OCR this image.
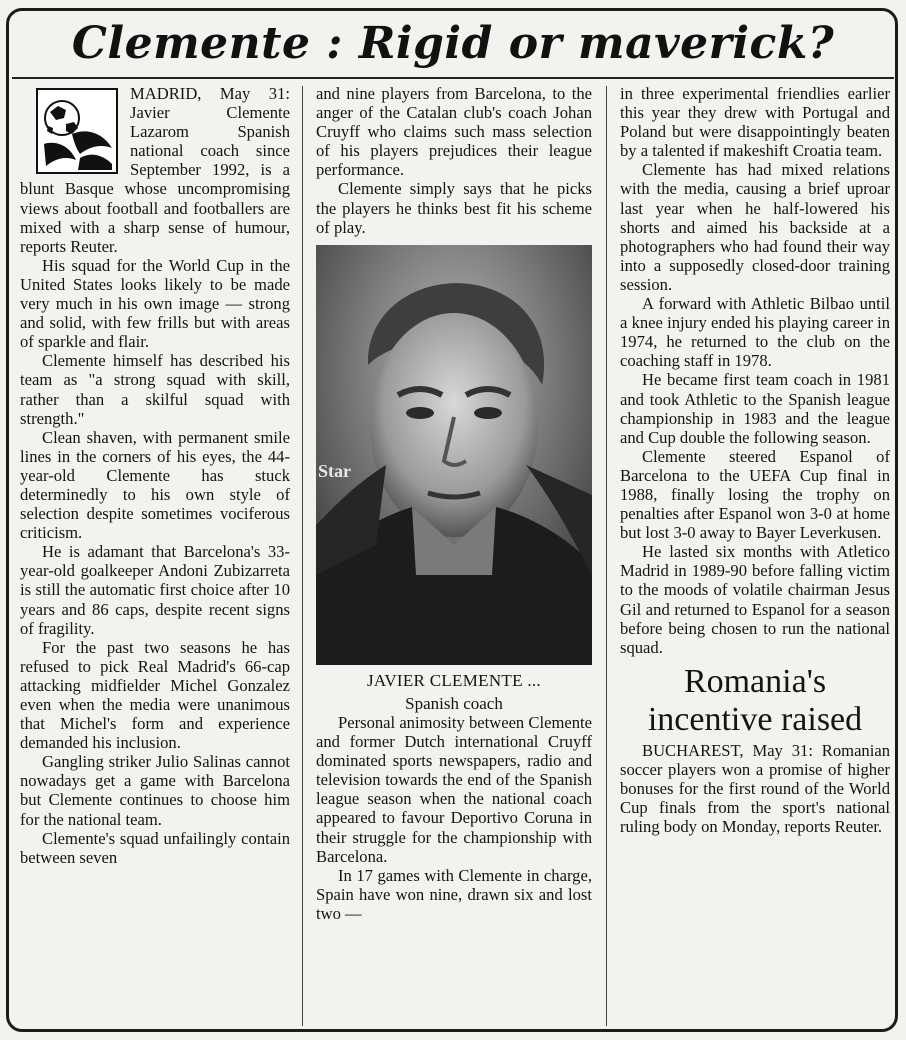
Clemente : Rigid or maverick?

MADRID, May 31: Javier Clemente Lazarom Spanish national coach since September 1992, is a blunt Basque whose uncompromising views about football and footballers are mixed with a sharp sense of humour, reports Reuter.

His squad for the World Cup in the United States looks likely to be made very much in his own image — strong and solid, with few frills but with areas of sparkle and flair.

Clemente himself has described his team as "a strong squad with skill, rather than a skilful squad with strength."

Clean shaven, with permanent smile lines in the corners of his eyes, the 44-year-old Clemente has stuck determinedly to his own style of selection despite sometimes vociferous criticism.

He is adamant that Barcelona's 33-year-old goalkeeper Andoni Zubizarreta is still the automatic first choice after 10 years and 86 caps, despite recent signs of fragility.

For the past two seasons he has refused to pick Real Madrid's 66-cap attacking midfielder Michel Gonzalez even when the media were unanimous that Michel's form and experience demanded his inclusion.

Gangling striker Julio Salinas cannot nowadays get a game with Barcelona but Clemente continues to choose him for the national team.

Clemente's squad unfailingly contain between seven

and nine players from Barcelona, to the anger of the Catalan club's coach Johan Cruyff who claims such mass selection of his players prejudices their league performance.

Clemente simply says that he picks the players he thinks best fit his scheme of play.

Star
JAVIER CLEMENTE ...
Spanish coach

Personal animosity between Clemente and former Dutch international Cruyff dominated sports newspapers, radio and television towards the end of the Spanish league season when the national coach appeared to favour Deportivo Coruna in their struggle for the championship with Barcelona.

In 17 games with Clemente in charge, Spain have won nine, drawn six and lost two —

in three experimental friendlies earlier this year they drew with Portugal and Poland but were disappointingly beaten by a talented if makeshift Croatia team.

Clemente has had mixed relations with the media, causing a brief uproar last year when he half-lowered his shorts and aimed his backside at a photographers who had found their way into a supposedly closed-door training session.

A forward with Athletic Bilbao until a knee injury ended his playing career in 1974, he returned to the club on the coaching staff in 1978.

He became first team coach in 1981 and took Athletic to the Spanish league championship in 1983 and the league and Cup double the following season.

Clemente steered Espanol of Barcelona to the UEFA Cup final in 1988, finally losing the trophy on penalties after Espanol won 3-0 at home but lost 3-0 away to Bayer Leverkusen.

He lasted six months with Atletico Madrid in 1989-90 before falling victim to the moods of volatile chairman Jesus Gil and returned to Espanol for a season before being chosen to run the national squad.

Romania's
incentive raised

BUCHAREST, May 31: Romanian soccer players won a promise of higher bonuses for the first round of the World Cup finals from the sport's national ruling body on Monday, reports Reuter.
